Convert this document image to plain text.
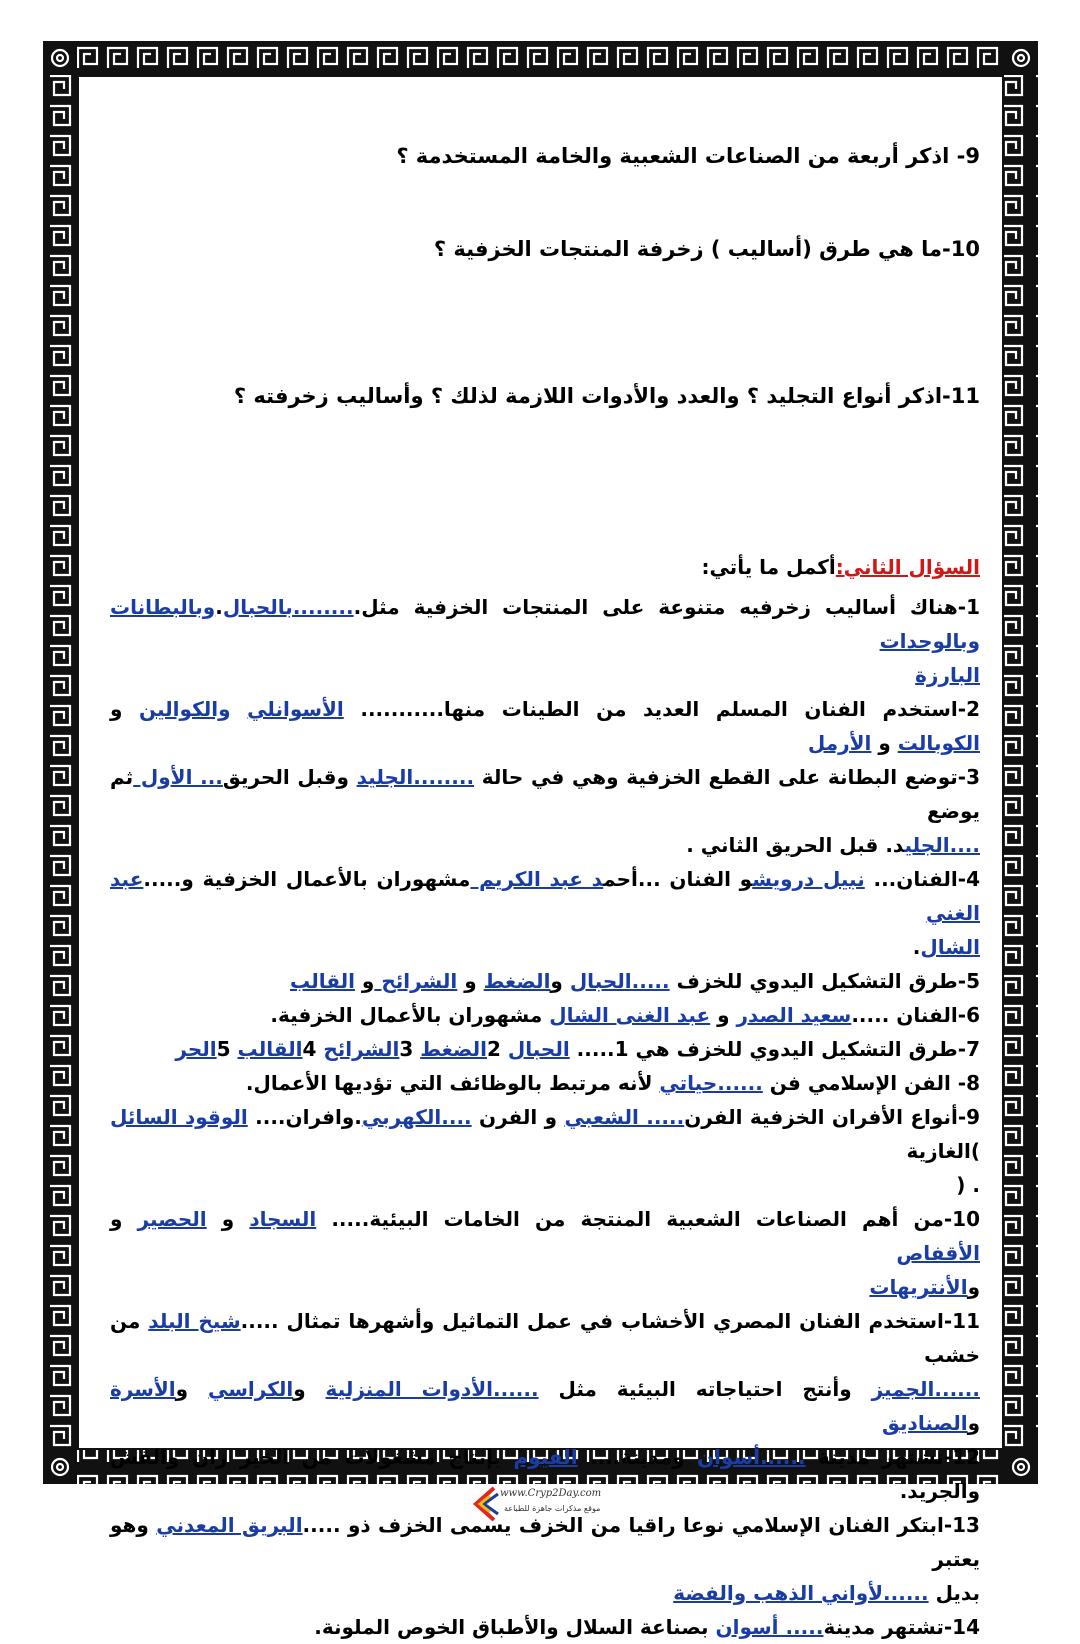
9- اذكر أربعة من الصناعات الشعبية والخامة المستخدمة ؟
10-ما هي طرق (أساليب ) زخرفة المنتجات الخزفية ؟
11-اذكر أنواع التجليد ؟ والعدد والأدوات اللازمة لذلك ؟ وأساليب زخرفته ؟
السؤال الثاني:أكمل ما يأتي:
1-هناك أساليب زخرفيه متنوعة على المنتجات الخزفية مثل.........بالحبال.وبالبطانات وبالوحدات
البارزة
2-استخدم الفنان المسلم العديد من الطينات منها........... الأسوانلي والكوالين و الكوبالت و الأرمل
3-توضع البطانة على القطع الخزفية وهي في حالة ........الجليد وقبل الحريق... الأول ثم يوضع
....الجليد. قبل الحريق الثاني .
4-الفنان... نبيل درويشو الفنان ...أحمد عبد الكريم مشهوران بالأعمال الخزفية و.....عبد الغني
الشال.
5-طرق التشكيل اليدوي للخزف .....الحبال والضغط و الشرائح و القالب
6-الفنان .....سعيد الصدر و عبد الغنى الشال مشهوران بالأعمال الخزفية.
7-طرق التشكيل اليدوي للخزف هي 1..... الحبال 2الضغط 3الشرائح 4القالب 5الحر
8- الفن الإسلامي فن ......حياتي لأنه مرتبط بالوظائف التي تؤديها الأعمال.
9-أنواع الأفران الخزفية الفرن..... الشعبي و الفرن ....الكهربي.وافران.... الوقود السائل )الغازية
. (
10-من أهم الصناعات الشعبية المنتجة من الخامات البيئية..... السجاد و الحصير و الأقفاص
والأنتريهات
11-استخدم الفنان المصري الأخشاب في عمل التماثيل وأشهرها تمثال .....شيخ البلد من خشب
......الجميز وأنتج احتياجاته البيئية مثل ......الأدوات المنزلية والكراسي والأسرة والصناديق
12-تشتهر مدينة ......أسوان ومدينة.... الفيوم بإنتاج مشغولات من الخير زان والقش والجريد.
13-ابتكر الفنان الإسلامي نوعا راقيا من الخزف يسمى الخزف ذو .....البريق المعدني وهو يعتبر
بديل ......لأواني الذهب والفضة
14-تشتهر مدينة..... أسوان بصناعة السلال والأطباق الخوص الملونة.
www.Cryp2Day.com
موقع مذكرات جاهزة للطباعة
